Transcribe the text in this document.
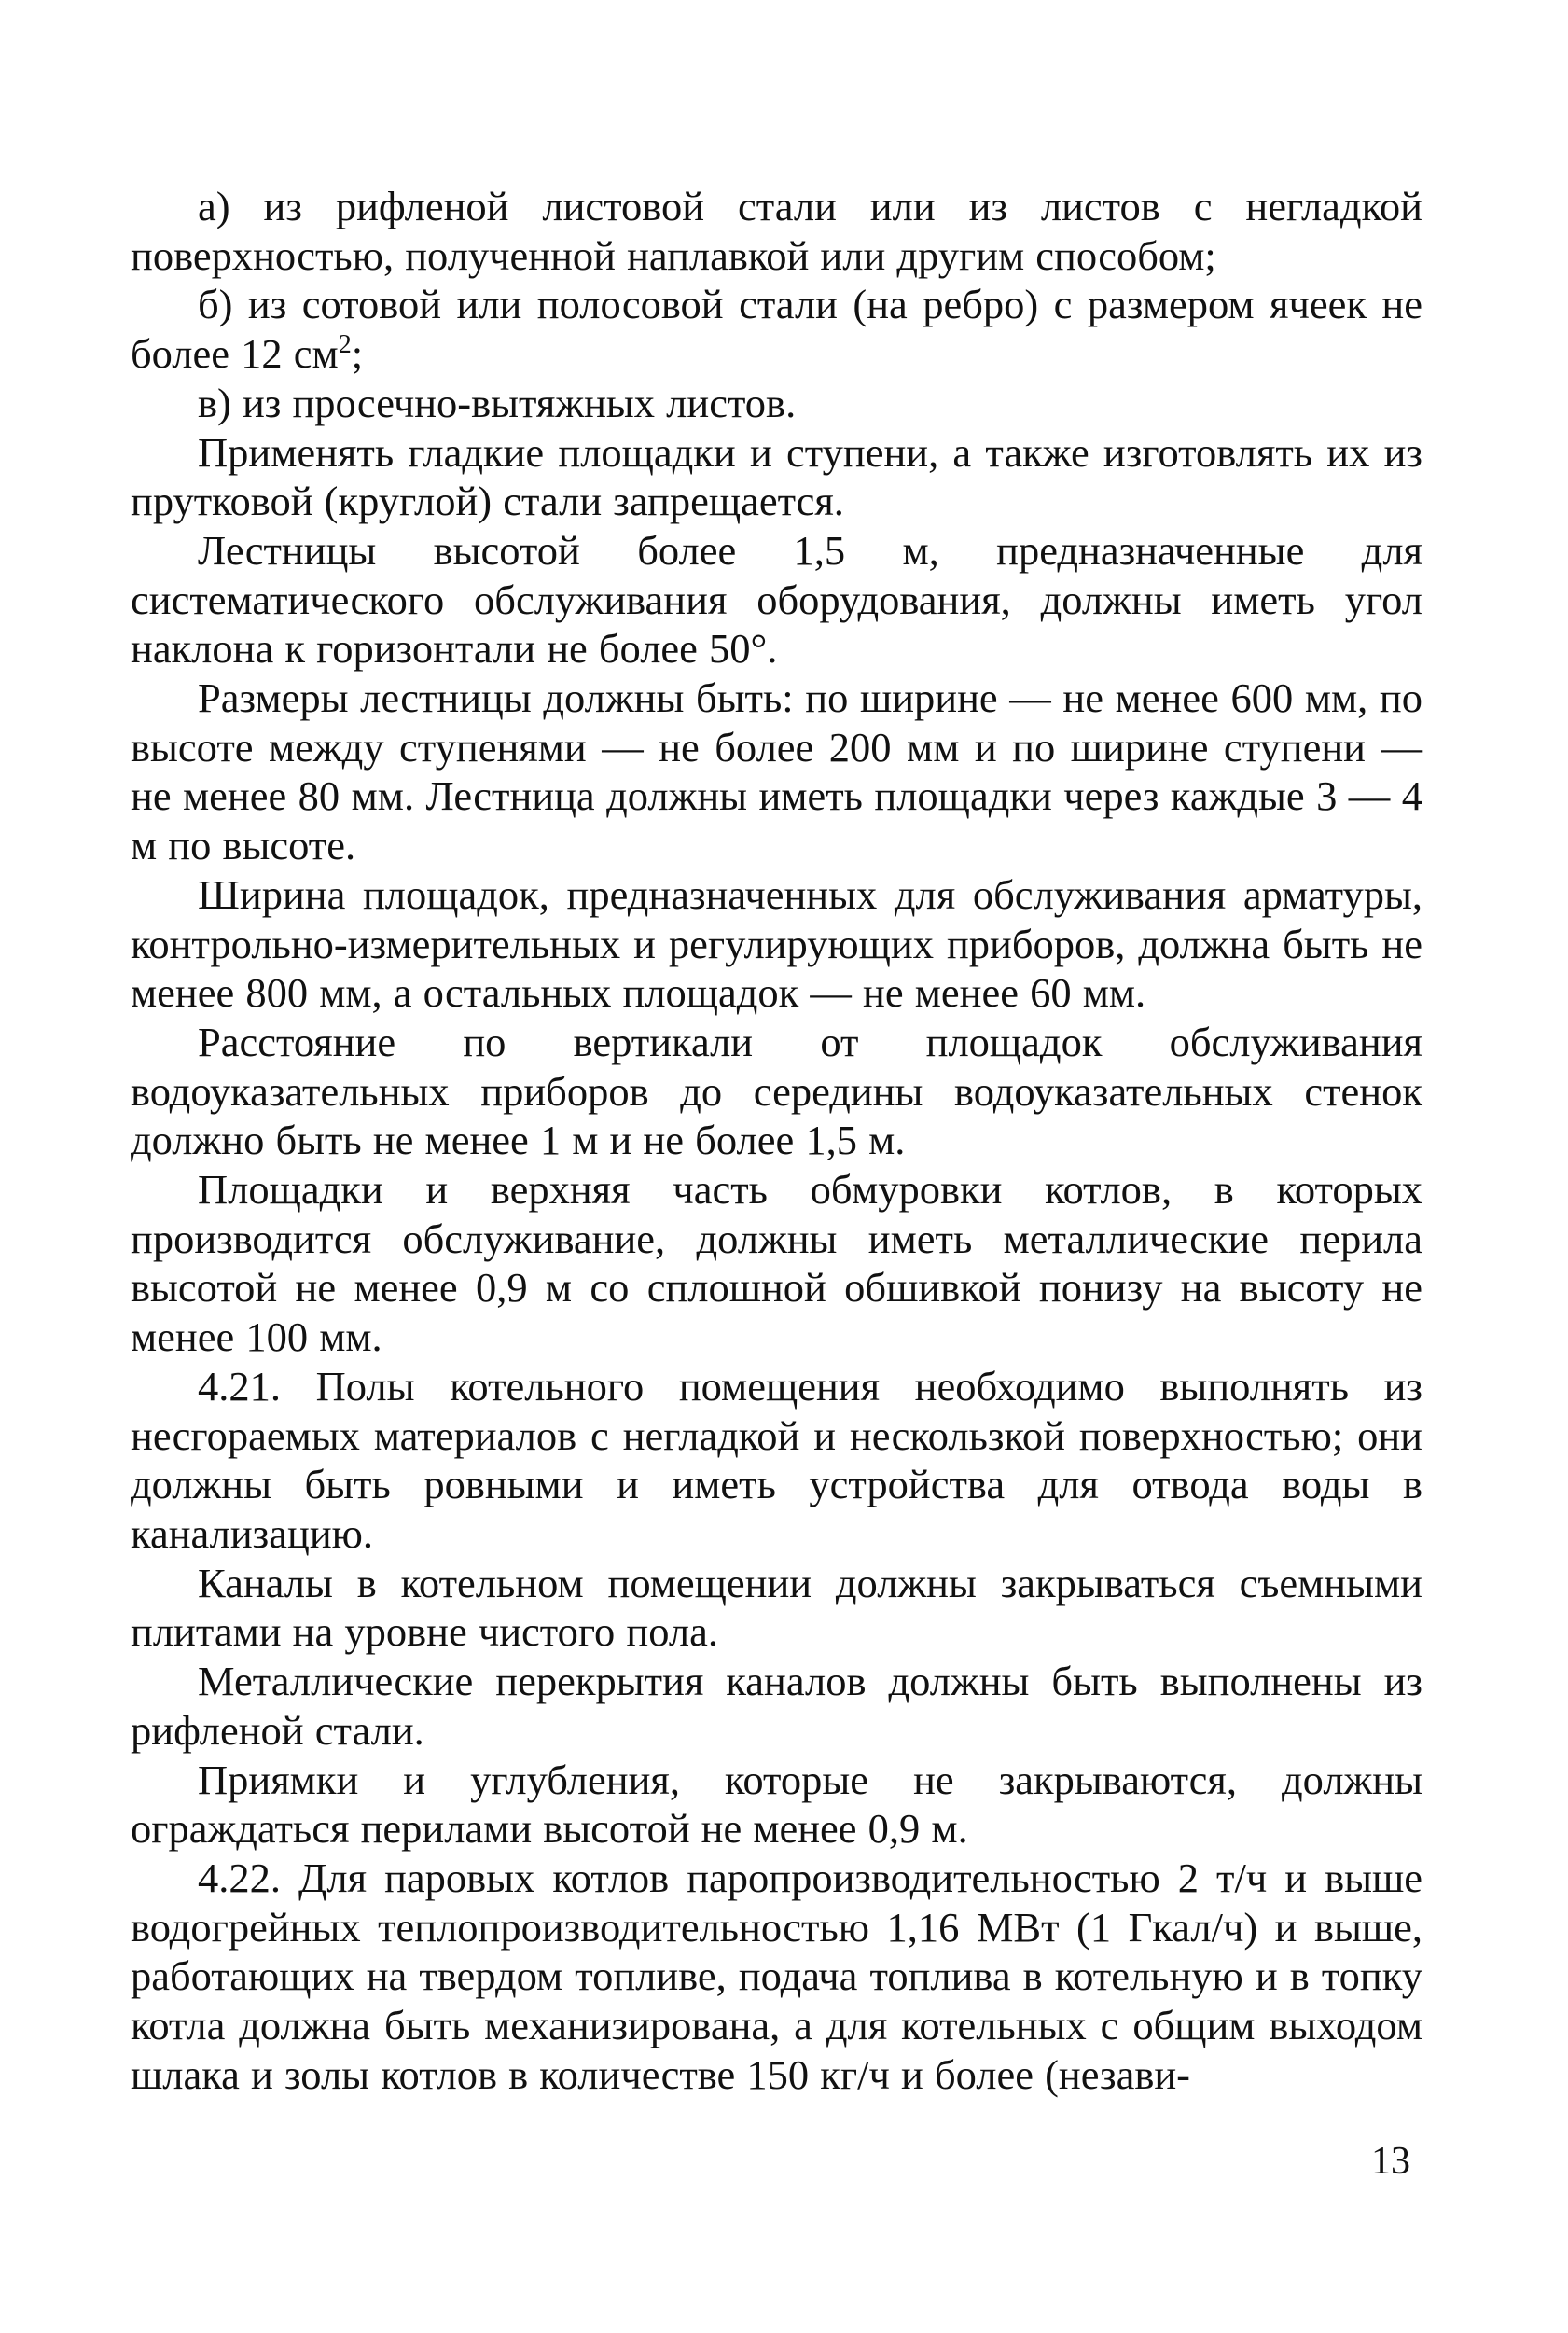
а) из рифленой листовой стали или из листов с негладкой поверхностью, полученной наплавкой или другим способом;

б) из сотовой или полосовой стали (на ребро) с размером ячеек не более 12 $см^2$;

в) из просечно-вытяжных листов.

Применять гладкие площадки и ступени, а также изготовлять их из прутковой (круглой) стали запрещается.

Лестницы высотой более 1,5 м, предназначенные для систематического обслуживания оборудования, должны иметь угол наклона к горизонтали не более 50°.

Размеры лестницы должны быть: по ширине — не менее 600 мм, по высоте между ступенями — не более 200 мм и по ширине ступени — не менее 80 мм. Лестница должны иметь площадки через каждые 3 — 4 м по высоте.

Ширина площадок, предназначенных для обслуживания арматуры, контрольно-измерительных и регулирующих приборов, должна быть не менее 800 мм, а остальных площадок — не менее 60 мм.

Расстояние по вертикали от площадок обслуживания водоуказательных приборов до середины водоуказательных стенок должно быть не менее 1 м и не более 1,5 м.

Площадки и верхняя часть обмуровки котлов, в которых производится обслуживание, должны иметь металлические перила высотой не менее 0,9 м со сплошной обшивкой понизу на высоту не менее 100 мм.

4.21. Полы котельного помещения необходимо выполнять из несгораемых материалов с негладкой и нескользкой поверхностью; они должны быть ровными и иметь устройства для отвода воды в канализацию.

Каналы в котельном помещении должны закрываться съемными плитами на уровне чистого пола.

Металлические перекрытия каналов должны быть выполнены из рифленой стали.

Приямки и углубления, которые не закрываются, должны ограждаться перилами высотой не менее 0,9 м.

4.22. Для паровых котлов паропроизводительностью 2 т/ч и выше водогрейных теплопроизводительностью 1,16 МВт (1 Гкал/ч) и выше, работающих на твердом топливе, подача топлива в котельную и в топку котла должна быть механизирована, а для котельных с общим выходом шлака и золы котлов в количестве 150 кг/ч и более (незави-

13
